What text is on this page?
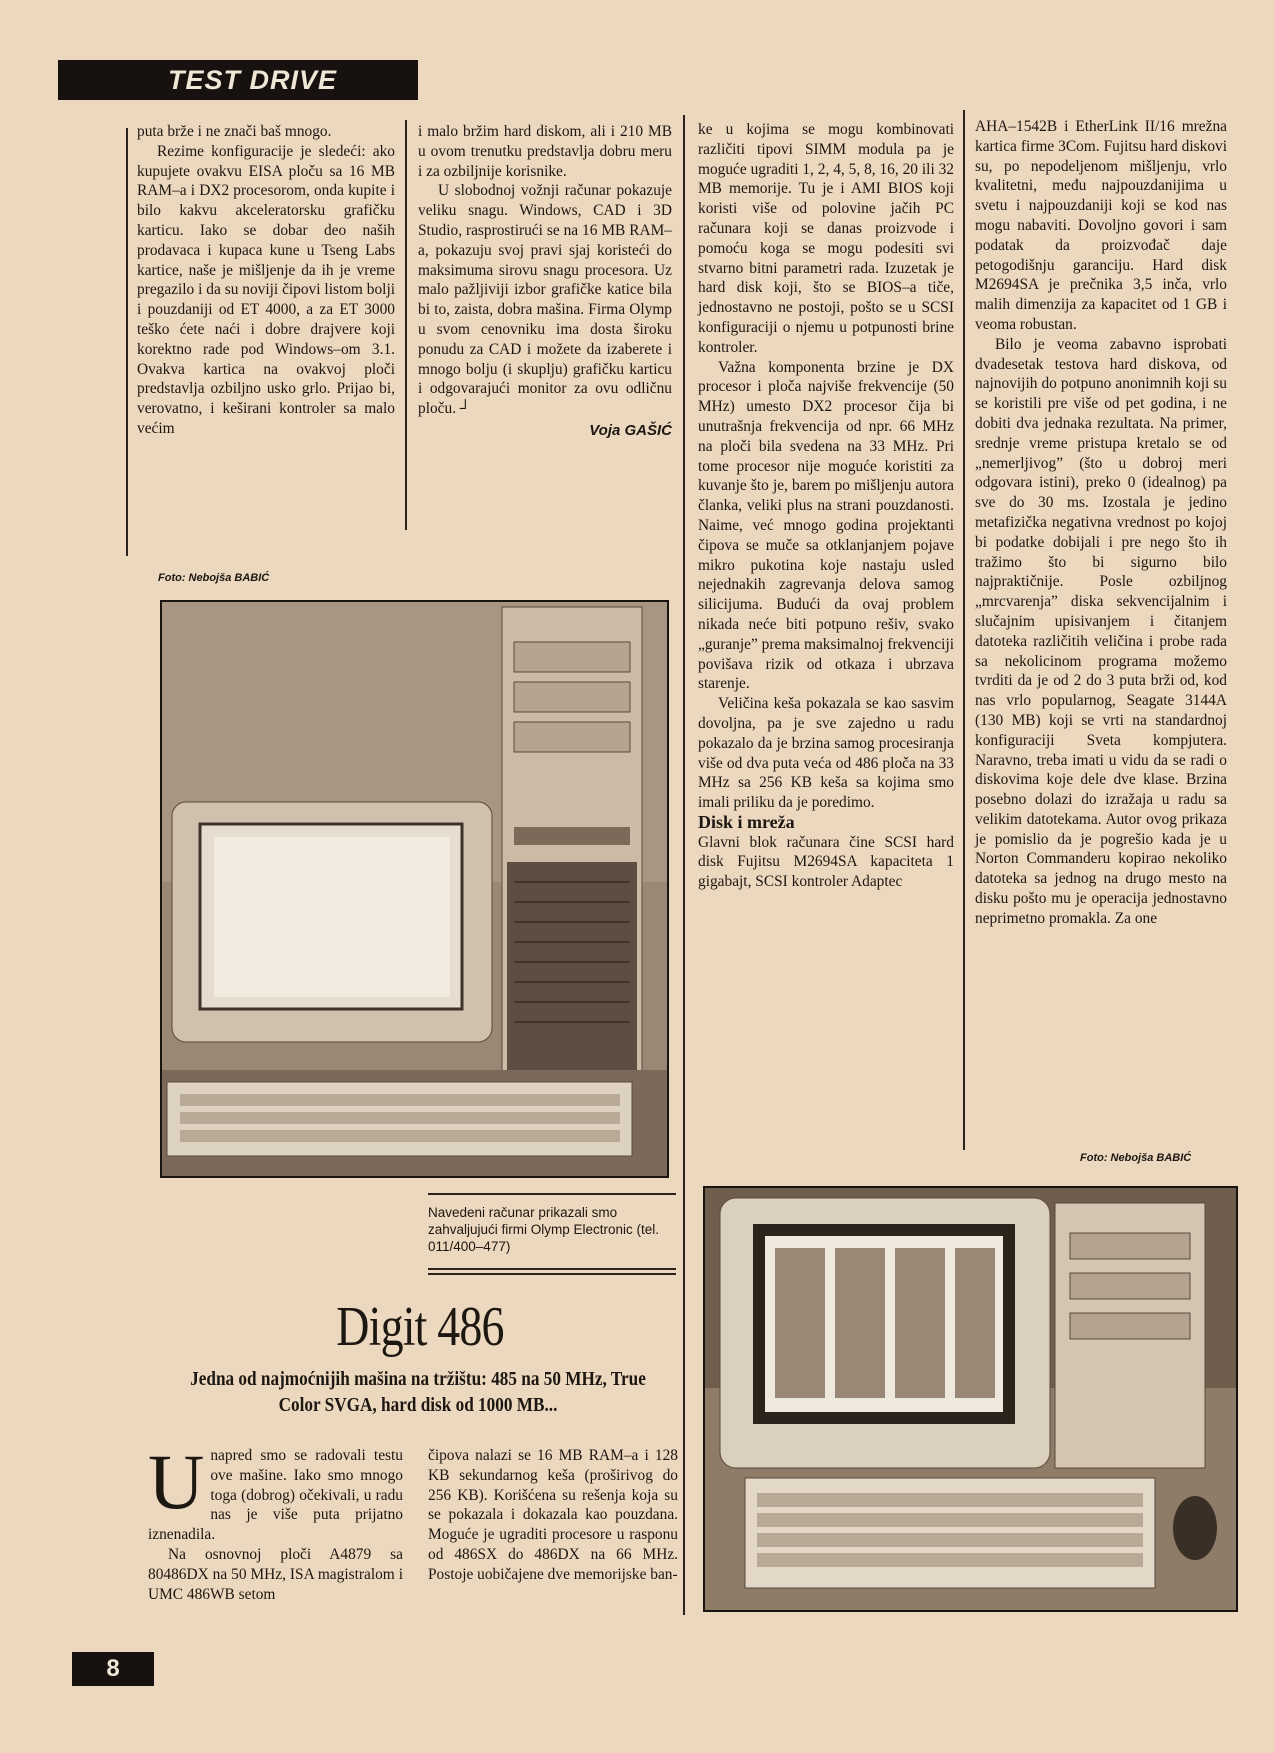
TEST DRIVE

puta brže i ne znači baš mnogo.

Rezime konfiguracije je sledeći: ako kupujete ovakvu EISA ploču sa 16 MB RAM–a i DX2 procesorom, onda kupite i bilo kakvu akceleratorsku grafičku karticu. Iako se dobar deo naših prodavaca i kupaca kune u Tseng Labs kartice, naše je mišljenje da ih je vreme pregazilo i da su noviji čipovi listom bolji i pouzdaniji od ET 4000, a za ET 3000 teško ćete naći i dobre drajvere koji korektno rade pod Windows–om 3.1. Ovakva kartica na ovakvoj ploči predstavlja ozbiljno usko grlo. Prijao bi, verovatno, i keširani kontroler sa malo većim

i malo bržim hard diskom, ali i 210 MB u ovom trenutku predstavlja dobru meru i za ozbiljnije korisnike.

U slobodnoj vožnji računar pokazuje veliku snagu. Windows, CAD i 3D Studio, rasprostirući se na 16 MB RAM–a, pokazuju svoj pravi sjaj koristeći do maksimuma sirovu snagu procesora. Uz malo pažljiviji izbor grafičke katice bila bi to, zaista, dobra mašina. Firma Olymp u svom cenovniku ima dosta široku ponudu za CAD i možete da izaberete i mnogo bolju (i skuplju) grafičku karticu i odgovarajući monitor za ovu odličnu ploču. ┘

Voja GAŠIĆ
Foto: Nebojša BABIĆ
Navedeni računar prikazali smo zahvaljujući firmi Olymp Electronic (tel. 011/400–477)
Digit 486
Jedna od najmoćnijih mašina na tržištu: 485 na 50 MHz, True Color SVGA, hard disk od 1000 MB...

Unapred smo se radovali testu ove mašine. Iako smo mnogo toga (dobrog) očekivali, u radu nas je više puta prijatno iznenadila.

Na osnovnoj ploči A4879 sa 80486DX na 50 MHz, ISA magistralom i UMC 486WB setom

čipova nalazi se 16 MB RAM–a i 128 KB sekundarnog keša (proširivog do 256 KB). Korišćena su rešenja koja su se pokazala i dokazala kao pouzdana. Moguće je ugraditi procesore u rasponu od 486SX do 486DX na 66 MHz. Postoje uobičajene dve memorijske ban-

ke u kojima se mogu kombinovati različiti tipovi SIMM modula pa je moguće ugraditi 1, 2, 4, 5, 8, 16, 20 ili 32 MB memorije. Tu je i AMI BIOS koji koristi više od polovine jačih PC računara koji se danas proizvode i pomoću koga se mogu podesiti svi stvarno bitni parametri rada. Izuzetak je hard disk koji, što se BIOS–a tiče, jednostavno ne postoji, pošto se u SCSI konfiguraciji o njemu u potpunosti brine kontroler.

Važna komponenta brzine je DX procesor i ploča najviše frekvencije (50 MHz) umesto DX2 procesor čija bi unutrašnja frekvencija od npr. 66 MHz na ploči bila svedena na 33 MHz. Pri tome procesor nije moguće koristiti za kuvanje što je, barem po mišljenju autora članka, veliki plus na strani pouzdanosti. Naime, već mnogo godina projektanti čipova se muče sa otklanjanjem pojave mikro pukotina koje nastaju usled nejednakih zagrevanja delova samog silicijuma. Budući da ovaj problem nikada neće biti potpuno rešiv, svako „guranje” prema maksimalnoj frekvenciji povišava rizik od otkaza i ubrzava starenje.

Veličina keša pokazala se kao sasvim dovoljna, pa je sve zajedno u radu pokazalo da je brzina samog procesiranja više od dva puta veća od 486 ploča na 33 MHz sa 256 KB keša sa kojima smo imali priliku da je poredimo.

Disk i mreža

Glavni blok računara čine SCSI hard disk Fujitsu M2694SA kapaciteta 1 gigabajt, SCSI kontroler Adaptec

AHA–1542B i EtherLink II/16 mrežna kartica firme 3Com. Fujitsu hard diskovi su, po nepodeljenom mišljenju, vrlo kvalitetni, među najpouzdanijima u svetu i najpouzdaniji koji se kod nas mogu nabaviti. Dovoljno govori i sam podatak da proizvođač daje petogodišnju garanciju. Hard disk M2694SA je prečnika 3,5 inča, vrlo malih dimenzija za kapacitet od 1 GB i veoma robustan.

Bilo je veoma zabavno isprobati dvadesetak testova hard diskova, od najnovijih do potpuno anonimnih koji su se koristili pre više od pet godina, i ne dobiti dva jednaka rezultata. Na primer, srednje vreme pristupa kretalo se od „nemerljivog” (što u dobroj meri odgovara istini), preko 0 (idealnog) pa sve do 30 ms. Izostala je jedino metafizička negativna vrednost po kojoj bi podatke dobijali i pre nego što ih tražimo što bi sigurno bilo najpraktičnije. Posle ozbiljnog „mrcvarenja” diska sekvencijalnim i slučajnim upisivanjem i čitanjem datoteka različitih veličina i probe rada sa nekolicinom programa možemo tvrditi da je od 2 do 3 puta brži od, kod nas vrlo popularnog, Seagate 3144A (130 MB) koji se vrti na standardnoj konfiguraciji Sveta kompjutera. Naravno, treba imati u vidu da se radi o diskovima koje dele dve klase. Brzina posebno dolazi do izražaja u radu sa velikim datotekama. Autor ovog prikaza je pomislio da je pogrešio kada je u Norton Commanderu kopirao nekoliko datoteka sa jednog na drugo mesto na disku pošto mu je operacija jednostavno neprimetno promakla. Za one

Foto: Nebojša BABIĆ
8
